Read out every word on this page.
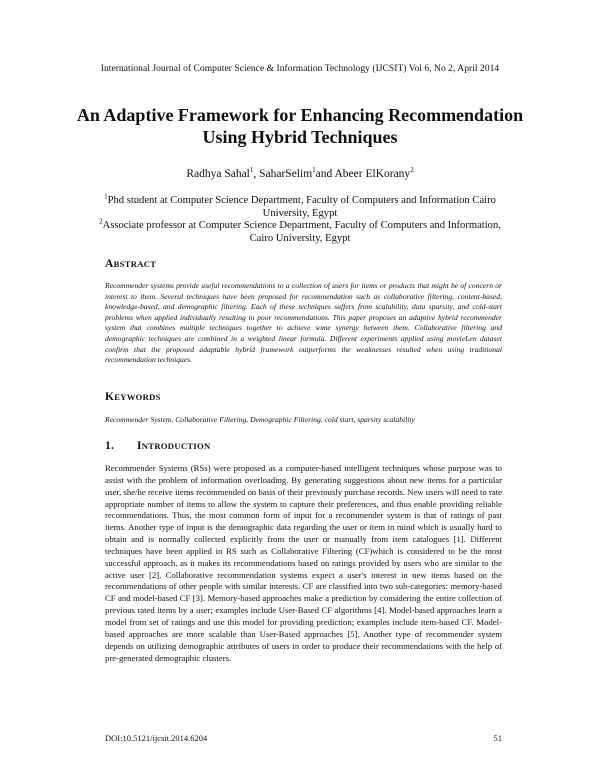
International Journal of Computer Science & Information Technology (IJCSIT) Vol 6, No 2, April 2014
An Adaptive Framework for Enhancing Recommendation Using Hybrid Techniques
Radhya Sahal$^1$, SaharSelim$^1$and Abeer ElKorany$^2$
$^1$Phd student at Computer Science Department, Faculty of Computers and Information Cairo University, Egypt
$^2$Associate professor at Computer Science Department, Faculty of Computers and Information, Cairo University, Egypt
ABSTRACT
Recommender systems provide useful recommendations to a collection of users for items or products that might be of concern or interest to them. Several techniques have been proposed for recommendation such as collaborative filtering, content-based, knowledge-based, and demographic filtering. Each of these techniques suffers from scalability, data sparsity, and cold-start problems when applied individually resulting in poor recommendations. This paper proposes an adaptive hybrid recommender system that combines multiple techniques together to achieve some synergy between them. Collaborative filtering and demographic techniques are combined in a weighted linear formula. Different experiments applied using movieLen dataset confirm that the proposed adaptable hybrid framework outperforms the weaknesses resulted when using traditional recommendation techniques.
KEYWORDS
Recommender System, Collaborative Filtering, Demographic Filtering, cold start, sparsity scalability
1. INTRODUCTION
Recommender Systems (RSs) were proposed as a computer-based intelligent techniques whose purpose was to assist with the problem of information overloading. By generating suggestions about new items for a particular user, she/he receive items recommended on basis of their previously purchase records. New users will need to rate appropriate number of items to allow the system to capture their preferences, and thus enable providing reliable recommendations. Thus, the most common form of input for a recommender system is that of ratings of past items. Another type of input is the demographic data regarding the user or item in mind which is usually hard to obtain and is normally collected explicitly from the user or manually from item catalogues [1]. Different techniques have been applied in RS such as Collaborative Filtering (CF)which is considered to be the most successful approach, as it makes its recommendations based on ratings provided by users who are similar to the active user [2]. Collaborative recommendation systems expect a user's interest in new items based on the recommendations of other people with similar interests. CF are classified into two sub-categories: memory-based CF and model-based CF [3]. Memory-based approaches make a prediction by considering the entire collection of previous rated items by a user; examples include User-Based CF algorithms [4]. Model-based approaches learn a model from set of ratings and use this model for providing prediction; examples include item-based CF. Model-based approaches are more scalable than User-Based approaches [5]. Another type of recommender system depends on utilizing demographic attributes of users in order to produce their recommendations with the help of pre-generated demographic clusters.
DOI:10.5121/ijcsit.2014.6204	51
